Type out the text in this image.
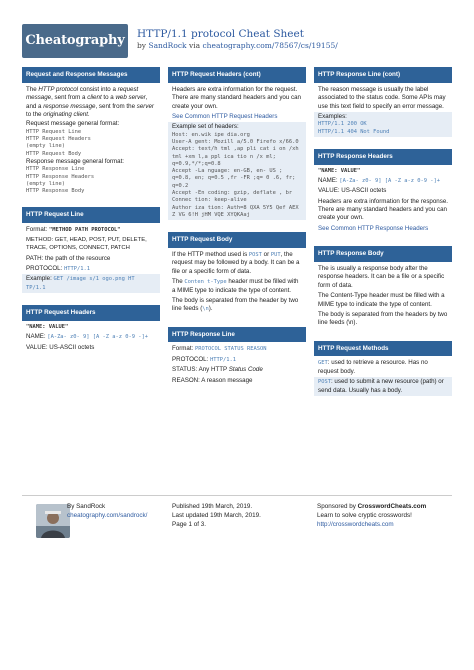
Cheatography	HTTP/1.1 protocol Cheat Sheet
by SandRock via cheatography.com/78567/cs/19155/
Request and Response Messages
The HTTP protocol consist into a request message, sent from a client to a web server, and a response message, sent from the server to the originating client.
Request message general format:
HTTP Request Line
HTTP Request Headers
(empty line)
HTTP Request Body
Response message general format:
HTTP Response Line
HTTP Response Headers
(empty line)
HTTP Response Body
HTTP Request Line
Format: "METHOD PATH PROTOCOL"
METHOD: GET, HEAD, POST, PUT, DELETE, TRACE, OPTIONS, CONNECT, PATCH
PATH: the path of the resource
PROTOCOL: HTTP/1.1
Example: GET /image s/1 ogo.png HT TP/1.1
HTTP Request Headers
"NAME: VALUE"
NAME: [A-Za- z0- 9] [A -Z a-z 0-9 -]+
VALUE: US-ASCII octets
HTTP Request Headers (cont)
Headers are extra information for the request. There are many standard headers and you can create your own.
See Common HTTP Request Headers
Example set of headers:
Host: en.wik ipe dia.org
User-A gent: Mozill a/5.0 Firefo x/66.0
Accept: text/h tml ,ap pli cat i on /xh tml +xm l,a ppl ica tio n /x ml; q=0.9,*/*;q=0.8
Accept -La nguage: en-GB, en- US ; q=0.8, en; q=0.5 ,fr -FR ;q= 0 .6, fr; q=0.2
Accept -En coding: gzip, deflate , br
Connec tion: keep-alive
Author iza tion: Auth=8 QXA 5Y5 Qef AEX Z VG 6!H jHM VQE XYQKAaj
HTTP Request Body
If the HTTP method used is POST or PUT, the request may be followed by a body. It can be a file or a specific form of data.
The Conten t-Type header must be filled with a MIME type to indicate the type of content.
The body is separated from the header by two line feeds (\n).
HTTP Response Line
Format: PROTOCOL STATUS REASON
PROTOCOL: HTTP/1.1
STATUS: Any HTTP Status Code
REASON: A reason message
HTTP Response Line (cont)
The reason message is usually the label associated to the status code. Some APIs may use this text field to specify an error message.
Examples:
HTTP/1.1 200 OK
HTTP/1.1 404 Not Found
HTTP Response Headers
"NAME: VALUE"
NAME: [A-Za- z0- 9] [A -Z a-z 0-9 -]+
VALUE: US-ASCII octets
Headers are extra information for the response. There are many standard headers and you can create your own.
See Common HTTP Response Headers
HTTP Response Body
The is usually a response body after the response headers. It can be a file or a specific form of data.
The Content-Type header must be filled with a MIME type to indicate the type of content.
The body is separated from the headers by two line feeds (\n).
HTTP Request Methods
GET: used to retrieve a resource. Has no request body.
POST: used to submit a new resource (path) or send data. Usually has a body.
By SandRock
cheatography.com/sandrock/
Published 19th March, 2019.
Last updated 19th March, 2019.
Page 1 of 3.
Sponsored by CrosswordCheats.com
Learn to solve cryptic crosswords!
http://crosswordcheats.com
